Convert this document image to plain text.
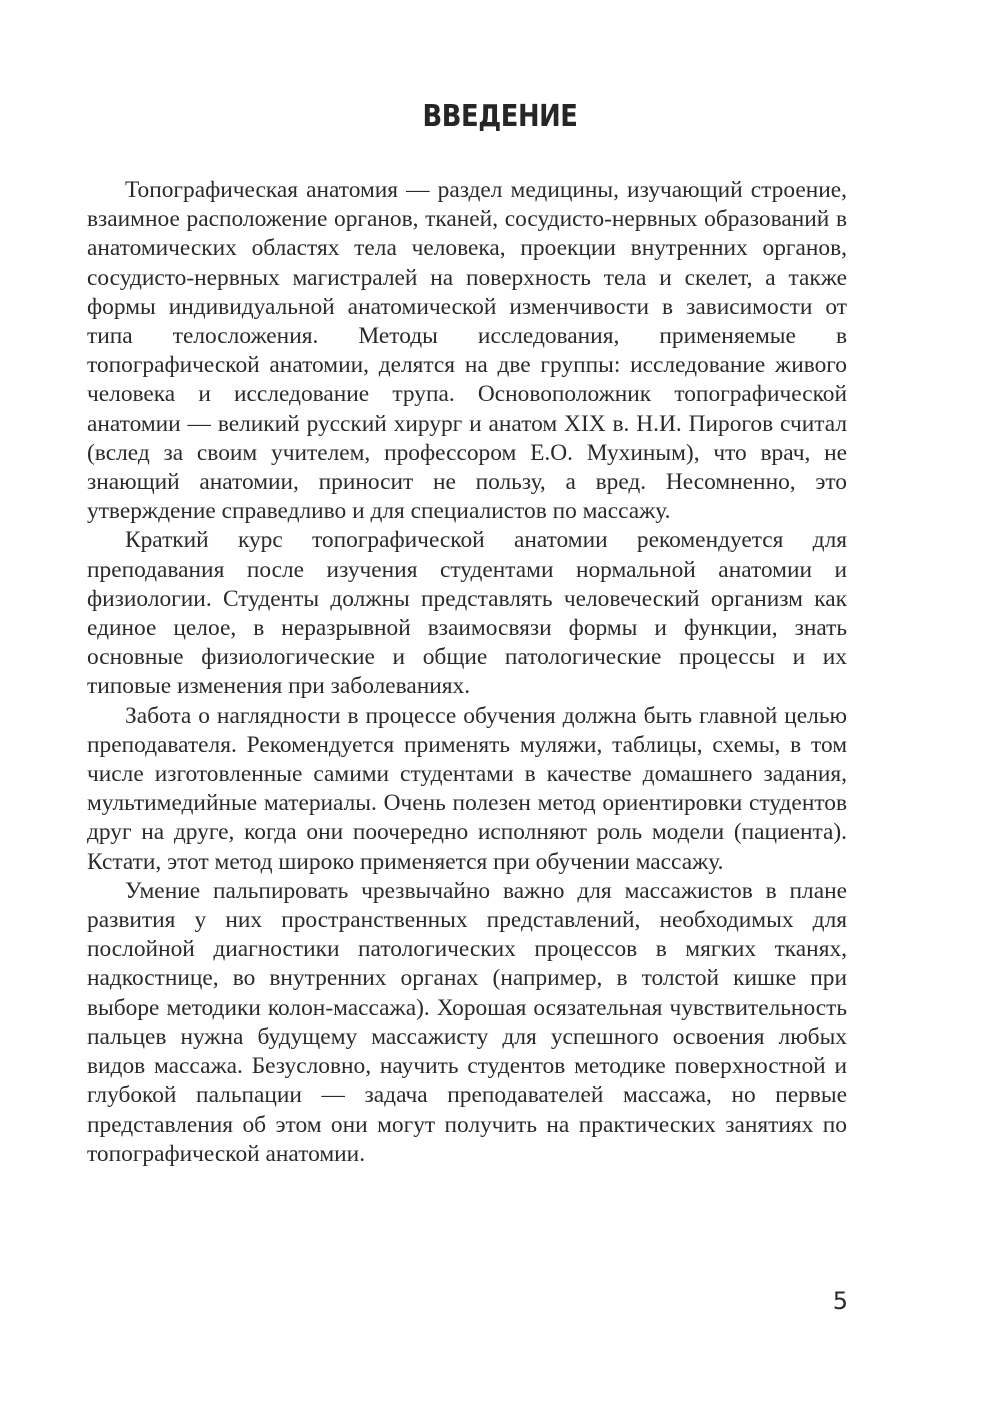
ВВЕДЕНИЕ

Топографическая анатомия — раздел медицины, изучающий строение, взаимное расположение органов, тканей, сосудисто-нервных образований в анатомических областях тела человека, проекции внутренних органов, сосудисто-нервных магистралей на поверхность тела и скелет, а также формы индивидуальной анатомической изменчивости в зависимости от типа телосложения. Методы исследования, применяемые в топографической анатомии, делятся на две группы: исследование живого человека и исследование трупа. Основоположник топографической анатомии — великий русский хирург и анатом XIX в. Н.И. Пирогов считал (вслед за своим учителем, профессором Е.О. Мухиным), что врач, не знающий анатомии, приносит не пользу, а вред. Несомненно, это утверждение справедливо и для специалистов по массажу.

Краткий курс топографической анатомии рекомендуется для преподавания после изучения студентами нормальной анатомии и физиологии. Студенты должны представлять человеческий организм как единое целое, в неразрывной взаимосвязи формы и функции, знать основные физиологические и общие патологические процессы и их типовые изменения при заболеваниях.

Забота о наглядности в процессе обучения должна быть главной целью преподавателя. Рекомендуется применять муляжи, таблицы, схемы, в том числе изготовленные самими студентами в качестве домашнего задания, мультимедийные материалы. Очень полезен метод ориентировки студентов друг на друге, когда они поочередно исполняют роль модели (пациента). Кстати, этот метод широко применяется при обучении массажу.

Умение пальпировать чрезвычайно важно для массажистов в плане развития у них пространственных представлений, необходимых для послойной диагностики патологических процессов в мягких тканях, надкостнице, во внутренних органах (например, в толстой кишке при выборе методики колон-массажа). Хорошая осязательная чувствительность пальцев нужна будущему массажисту для успешного освоения любых видов массажа. Безусловно, научить студентов методике поверхностной и глубокой пальпации — задача преподавателей массажа, но первые представления об этом они могут получить на практических занятиях по топографической анатомии.

5
